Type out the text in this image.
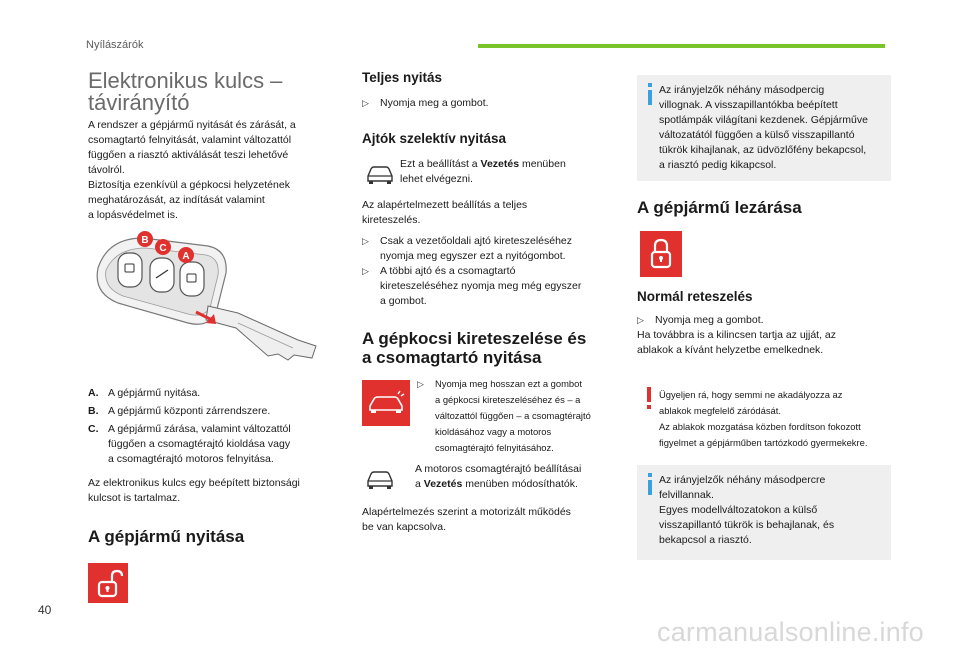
Nyílászárók
Elektronikus kulcs – távirányító
A rendszer a gépjármű nyitását és zárását, a
csomagtartó felnyitását, valamint változattól
függően a riasztó aktiválását teszi lehetővé
távolról.
Biztosítja ezenkívül a gépkocsi helyzetének
meghatározását, az indítását valamint
a lopásvédelmet is.
B
C
A
A. A gépjármű nyitása.
B. A gépjármű központi zárrendszere.
C. A gépjármű zárása, valamint változattól
függően a csomagtérajtó kioldása vagy
a csomagtérajtó motoros felnyitása.
Az elektronikus kulcs egy beépített biztonsági
kulcsot is tartalmaz.
A gépjármű nyitása
Teljes nyitás
▷ Nyomja meg a gombot.
Ajtók szelektív nyitása
Ezt a beállítást a Vezetés menüben
lehet elvégezni.
Az alapértelmezett beállítás a teljes
kireteszelés.
▷ Csak a vezetőoldali ajtó kireteszeléséhez
nyomja meg egyszer ezt a nyitógombot.
▷ A többi ajtó és a csomagtartó
kireteszeléséhez nyomja meg még egyszer
a gombot.
A gépkocsi kireteszelése és
a csomagtartó nyitása
▷ Nyomja meg hosszan ezt a gombot
a gépkocsi kireteszeléséhez és – a
változattól függően – a csomagtérajtó
kioldásához vagy a motoros
csomagtérajtó felnyitásához.
A motoros csomagtérajtó beállításai
a Vezetés menüben módosíthatók.
Alapértelmezés szerint a motorizált működés
be van kapcsolva.
Az irányjelzők néhány másodpercig
villognak. A visszapillantókba beépített
spotlámpák világítani kezdenek. Gépjárműve
változatától függően a külső visszapillantó
tükrök kihajlanak, az üdvözlőfény bekapcsol,
a riasztó pedig kikapcsol.
A gépjármű lezárása
Normál reteszelés
▷ Nyomja meg a gombot.
Ha továbbra is a kilincsen tartja az ujját, az
ablakok a kívánt helyzetbe emelkednek.
Ügyeljen rá, hogy semmi ne akadályozza az
ablakok megfelelő záródását.
Az ablakok mozgatása közben fordítson fokozott
figyelmet a gépjárműben tartózkodó gyermekekre.
Az irányjelzők néhány másodpercre
felvillannak.
Egyes modellváltozatokon a külső
visszapillantó tükrök is behajlanak, és
bekapcsol a riasztó.
40
carmanualsonline.info
